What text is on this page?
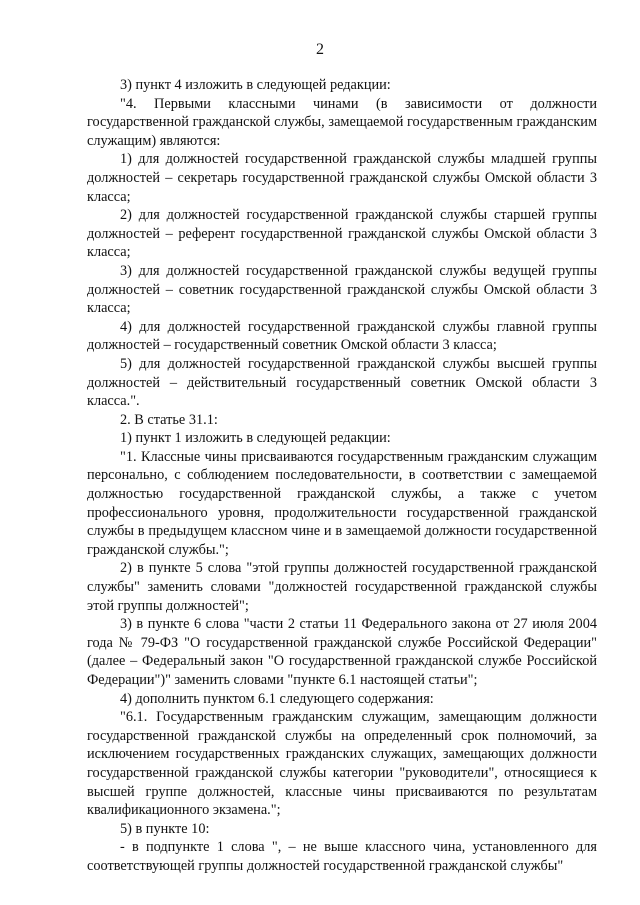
2

3) пункт 4 изложить в следующей редакции:

"4. Первыми классными чинами (в зависимости от должности государственной гражданской службы, замещаемой государственным гражданским служащим) являются:

1) для должностей государственной гражданской службы младшей группы должностей – секретарь государственной гражданской службы Омской области 3 класса;

2) для должностей государственной гражданской службы старшей группы должностей – референт государственной гражданской службы Омской области 3 класса;

3) для должностей государственной гражданской службы ведущей группы должностей – советник государственной гражданской службы Омской области 3 класса;

4) для должностей государственной гражданской службы главной группы должностей – государственный советник Омской области 3 класса;

5) для должностей государственной гражданской службы высшей группы должностей – действительный государственный советник Омской области 3 класса.".

2. В статье 31.1:

1) пункт 1 изложить в следующей редакции:

"1. Классные чины присваиваются государственным гражданским служащим персонально, с соблюдением последовательности, в соответствии с замещаемой должностью государственной гражданской службы, а также с учетом профессионального уровня, продолжительности государственной гражданской службы в предыдущем классном чине и в замещаемой должности государственной гражданской службы.";

2) в пункте 5 слова "этой группы должностей государственной гражданской службы" заменить словами "должностей государственной гражданской службы этой группы должностей";

3) в пункте 6 слова "части 2 статьи 11 Федерального закона от 27 июля 2004 года № 79-ФЗ "О государственной гражданской службе Российской Федерации" (далее – Федеральный закон "О государственной гражданской службе Российской Федерации")" заменить словами "пункте 6.1 настоящей статьи";

4) дополнить пунктом 6.1 следующего содержания:

"6.1. Государственным гражданским служащим, замещающим должности государственной гражданской службы на определенный срок полномочий, за исключением государственных гражданских служащих, замещающих должности государственной гражданской службы категории "руководители", относящиеся к высшей группе должностей, классные чины присваиваются по результатам квалификационного экзамена.";

5) в пункте 10:

- в подпункте 1 слова ", – не выше классного чина, установленного для соответствующей группы должностей государственной гражданской службы"
